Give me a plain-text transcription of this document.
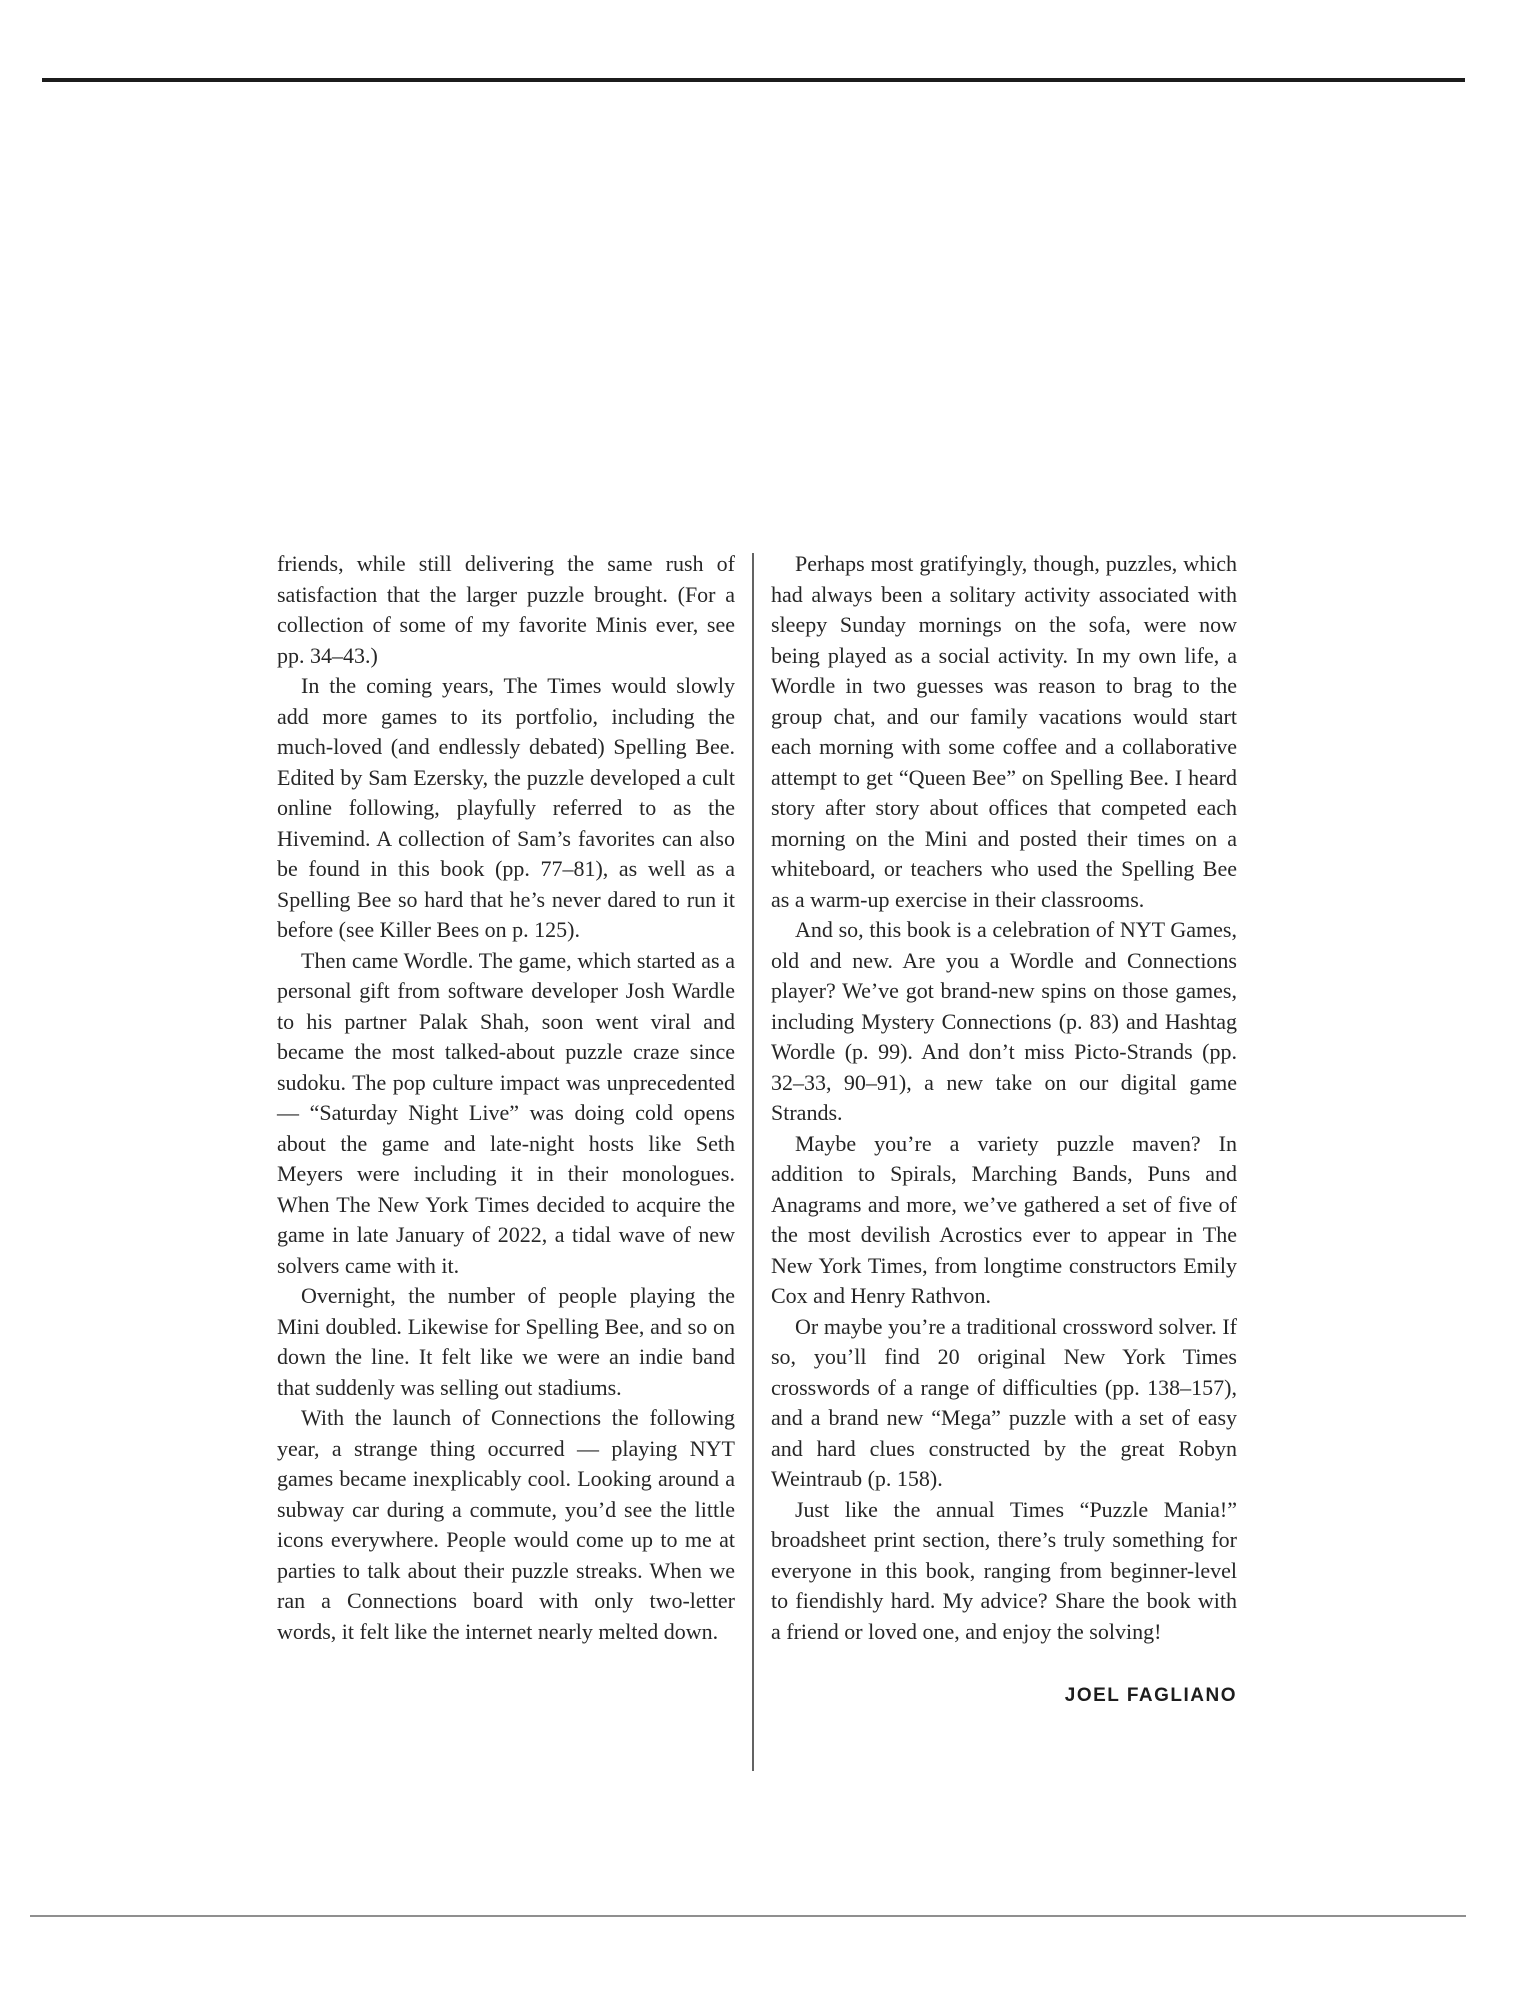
friends, while still delivering the same rush of satisfaction that the larger puzzle brought. (For a collection of some of my favorite Minis ever, see pp. 34–43.)

In the coming years, The Times would slowly add more games to its portfolio, including the much-loved (and endlessly debated) Spelling Bee. Edited by Sam Ezersky, the puzzle developed a cult online following, playfully referred to as the Hivemind. A collection of Sam’s favorites can also be found in this book (pp. 77–81), as well as a Spelling Bee so hard that he’s never dared to run it before (see Killer Bees on p. 125).

Then came Wordle. The game, which started as a personal gift from software developer Josh Wardle to his partner Palak Shah, soon went viral and became the most talked-about puzzle craze since sudoku. The pop culture impact was unprecedented — “Saturday Night Live” was doing cold opens about the game and late-night hosts like Seth Meyers were including it in their monologues. When The New York Times decided to acquire the game in late January of 2022, a tidal wave of new solvers came with it.

Overnight, the number of people playing the Mini doubled. Likewise for Spelling Bee, and so on down the line. It felt like we were an indie band that suddenly was selling out stadiums.

With the launch of Connections the following year, a strange thing occurred — playing NYT games became inexplicably cool. Looking around a subway car during a commute, you’d see the little icons everywhere. People would come up to me at parties to talk about their puzzle streaks. When we ran a Connections board with only two-letter words, it felt like the internet nearly melted down.

Perhaps most gratifyingly, though, puzzles, which had always been a solitary activity associated with sleepy Sunday mornings on the sofa, were now being played as a social activity. In my own life, a Wordle in two guesses was reason to brag to the group chat, and our family vacations would start each morning with some coffee and a collaborative attempt to get “Queen Bee” on Spelling Bee. I heard story after story about offices that competed each morning on the Mini and posted their times on a whiteboard, or teachers who used the Spelling Bee as a warm-up exercise in their classrooms.

And so, this book is a celebration of NYT Games, old and new. Are you a Wordle and Connections player? We’ve got brand-new spins on those games, including Mystery Connections (p. 83) and Hashtag Wordle (p. 99). And don’t miss Picto-Strands (pp. 32–33, 90–91), a new take on our digital game Strands.

Maybe you’re a variety puzzle maven? In addition to Spirals, Marching Bands, Puns and Anagrams and more, we’ve gathered a set of five of the most devilish Acrostics ever to appear in The New York Times, from longtime constructors Emily Cox and Henry Rathvon.

Or maybe you’re a traditional crossword solver. If so, you’ll find 20 original New York Times crosswords of a range of difficulties (pp. 138–157), and a brand new “Mega” puzzle with a set of easy and hard clues constructed by the great Robyn Weintraub (p. 158).

Just like the annual Times “Puzzle Mania!” broadsheet print section, there’s truly something for everyone in this book, ranging from beginner-level to fiendishly hard. My advice? Share the book with a friend or loved one, and enjoy the solving!

JOEL FAGLIANO
